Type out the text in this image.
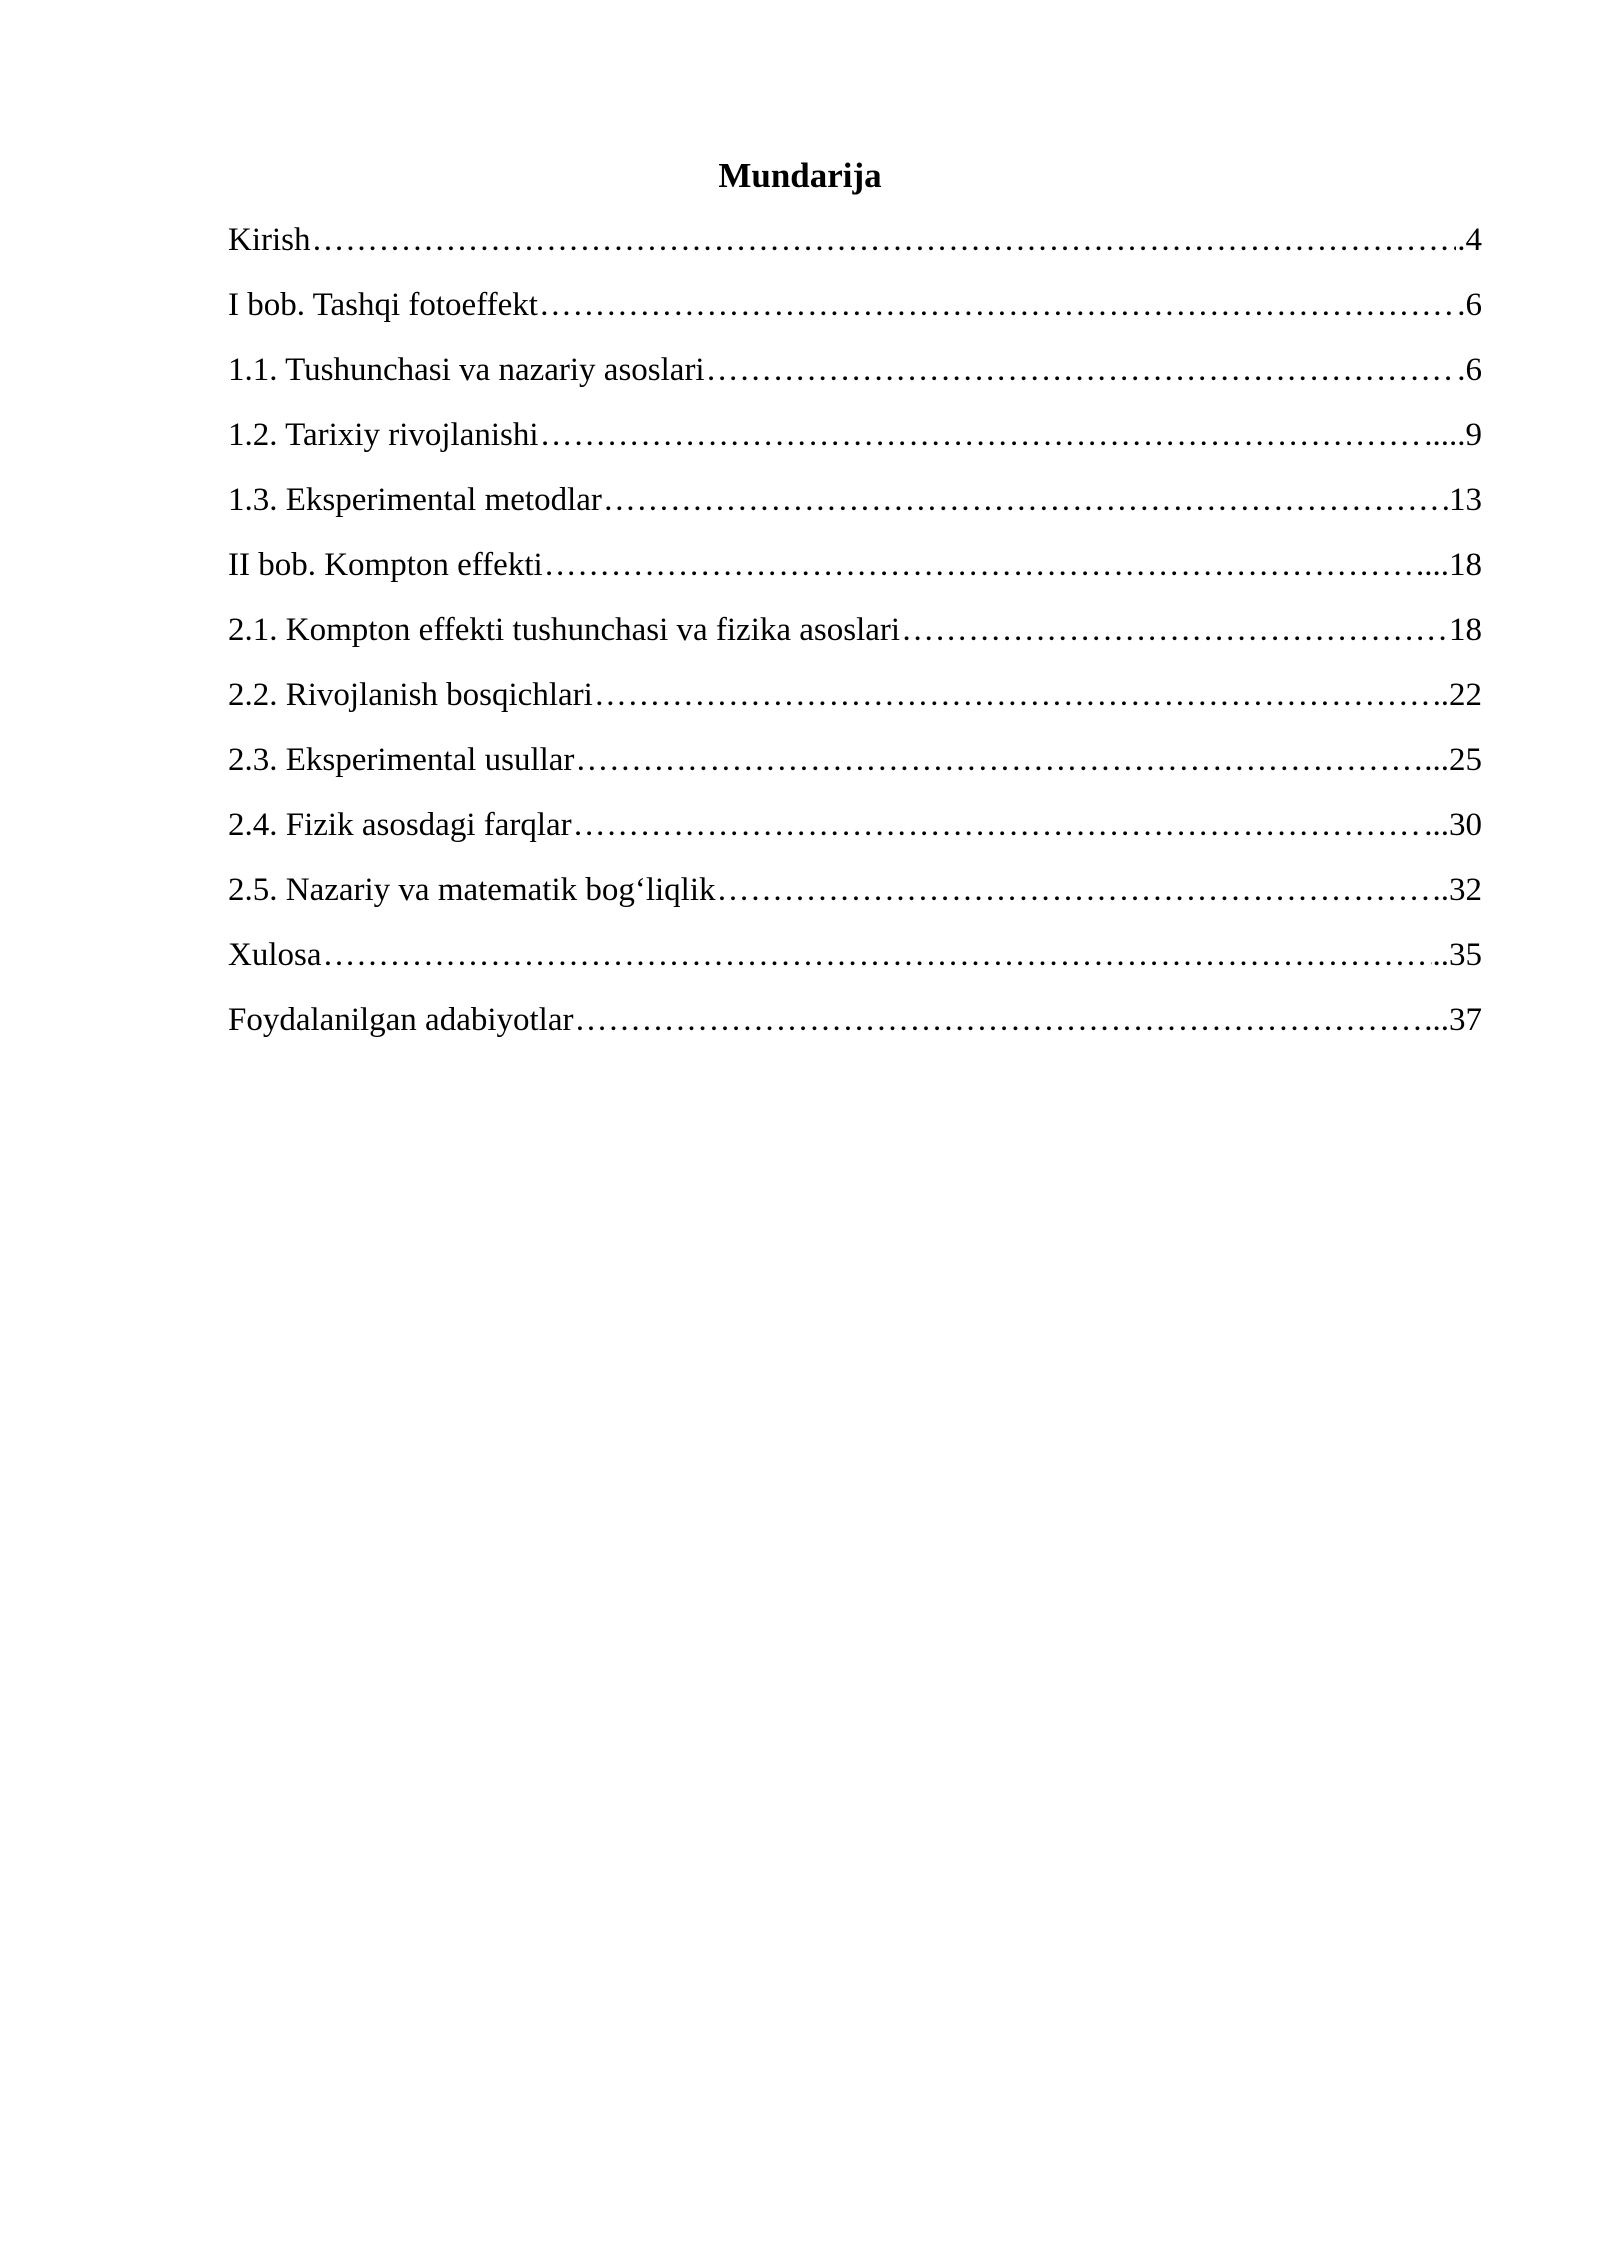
Mundarija
Kirish ……………………………………………………………………………………………………………………………………………………………………………………	.4
I bob. Tashqi fotoeffekt ……………………………………………………………………………………………………………………………………………………………………………………	.6
1.1. Tushunchasi va nazariy asoslari ……………………………………………………………………………………………………………………………………………………………………………………	.6
1.2. Tarixiy rivojlanishi ……………………………………………………………………………………………………………………………………………………………………………………	.....9
1.3. Eksperimental metodlar ……………………………………………………………………………………………………………………………………………………………………………………	13
II bob. Kompton effekti ……………………………………………………………………………………………………………………………………………………………………………………	...18
2.1. Kompton effekti tushunchasi va fizika asoslari ……………………………………………………………………………………………………………………………………………………………………………………	18
2.2. Rivojlanish bosqichlari ……………………………………………………………………………………………………………………………………………………………………………………	.22
2.3. Eksperimental usullar ……………………………………………………………………………………………………………………………………………………………………………………	...25
2.4. Fizik asosdagi farqlar ……………………………………………………………………………………………………………………………………………………………………………………	...30
2.5. Nazariy va matematik bog‘liqlik ……………………………………………………………………………………………………………………………………………………………………………………	..32
Xulosa ……………………………………………………………………………………………………………………………………………………………………………………	..35
Foydalanilgan adabiyotlar ……………………………………………………………………………………………………………………………………………………………………………………	...37
